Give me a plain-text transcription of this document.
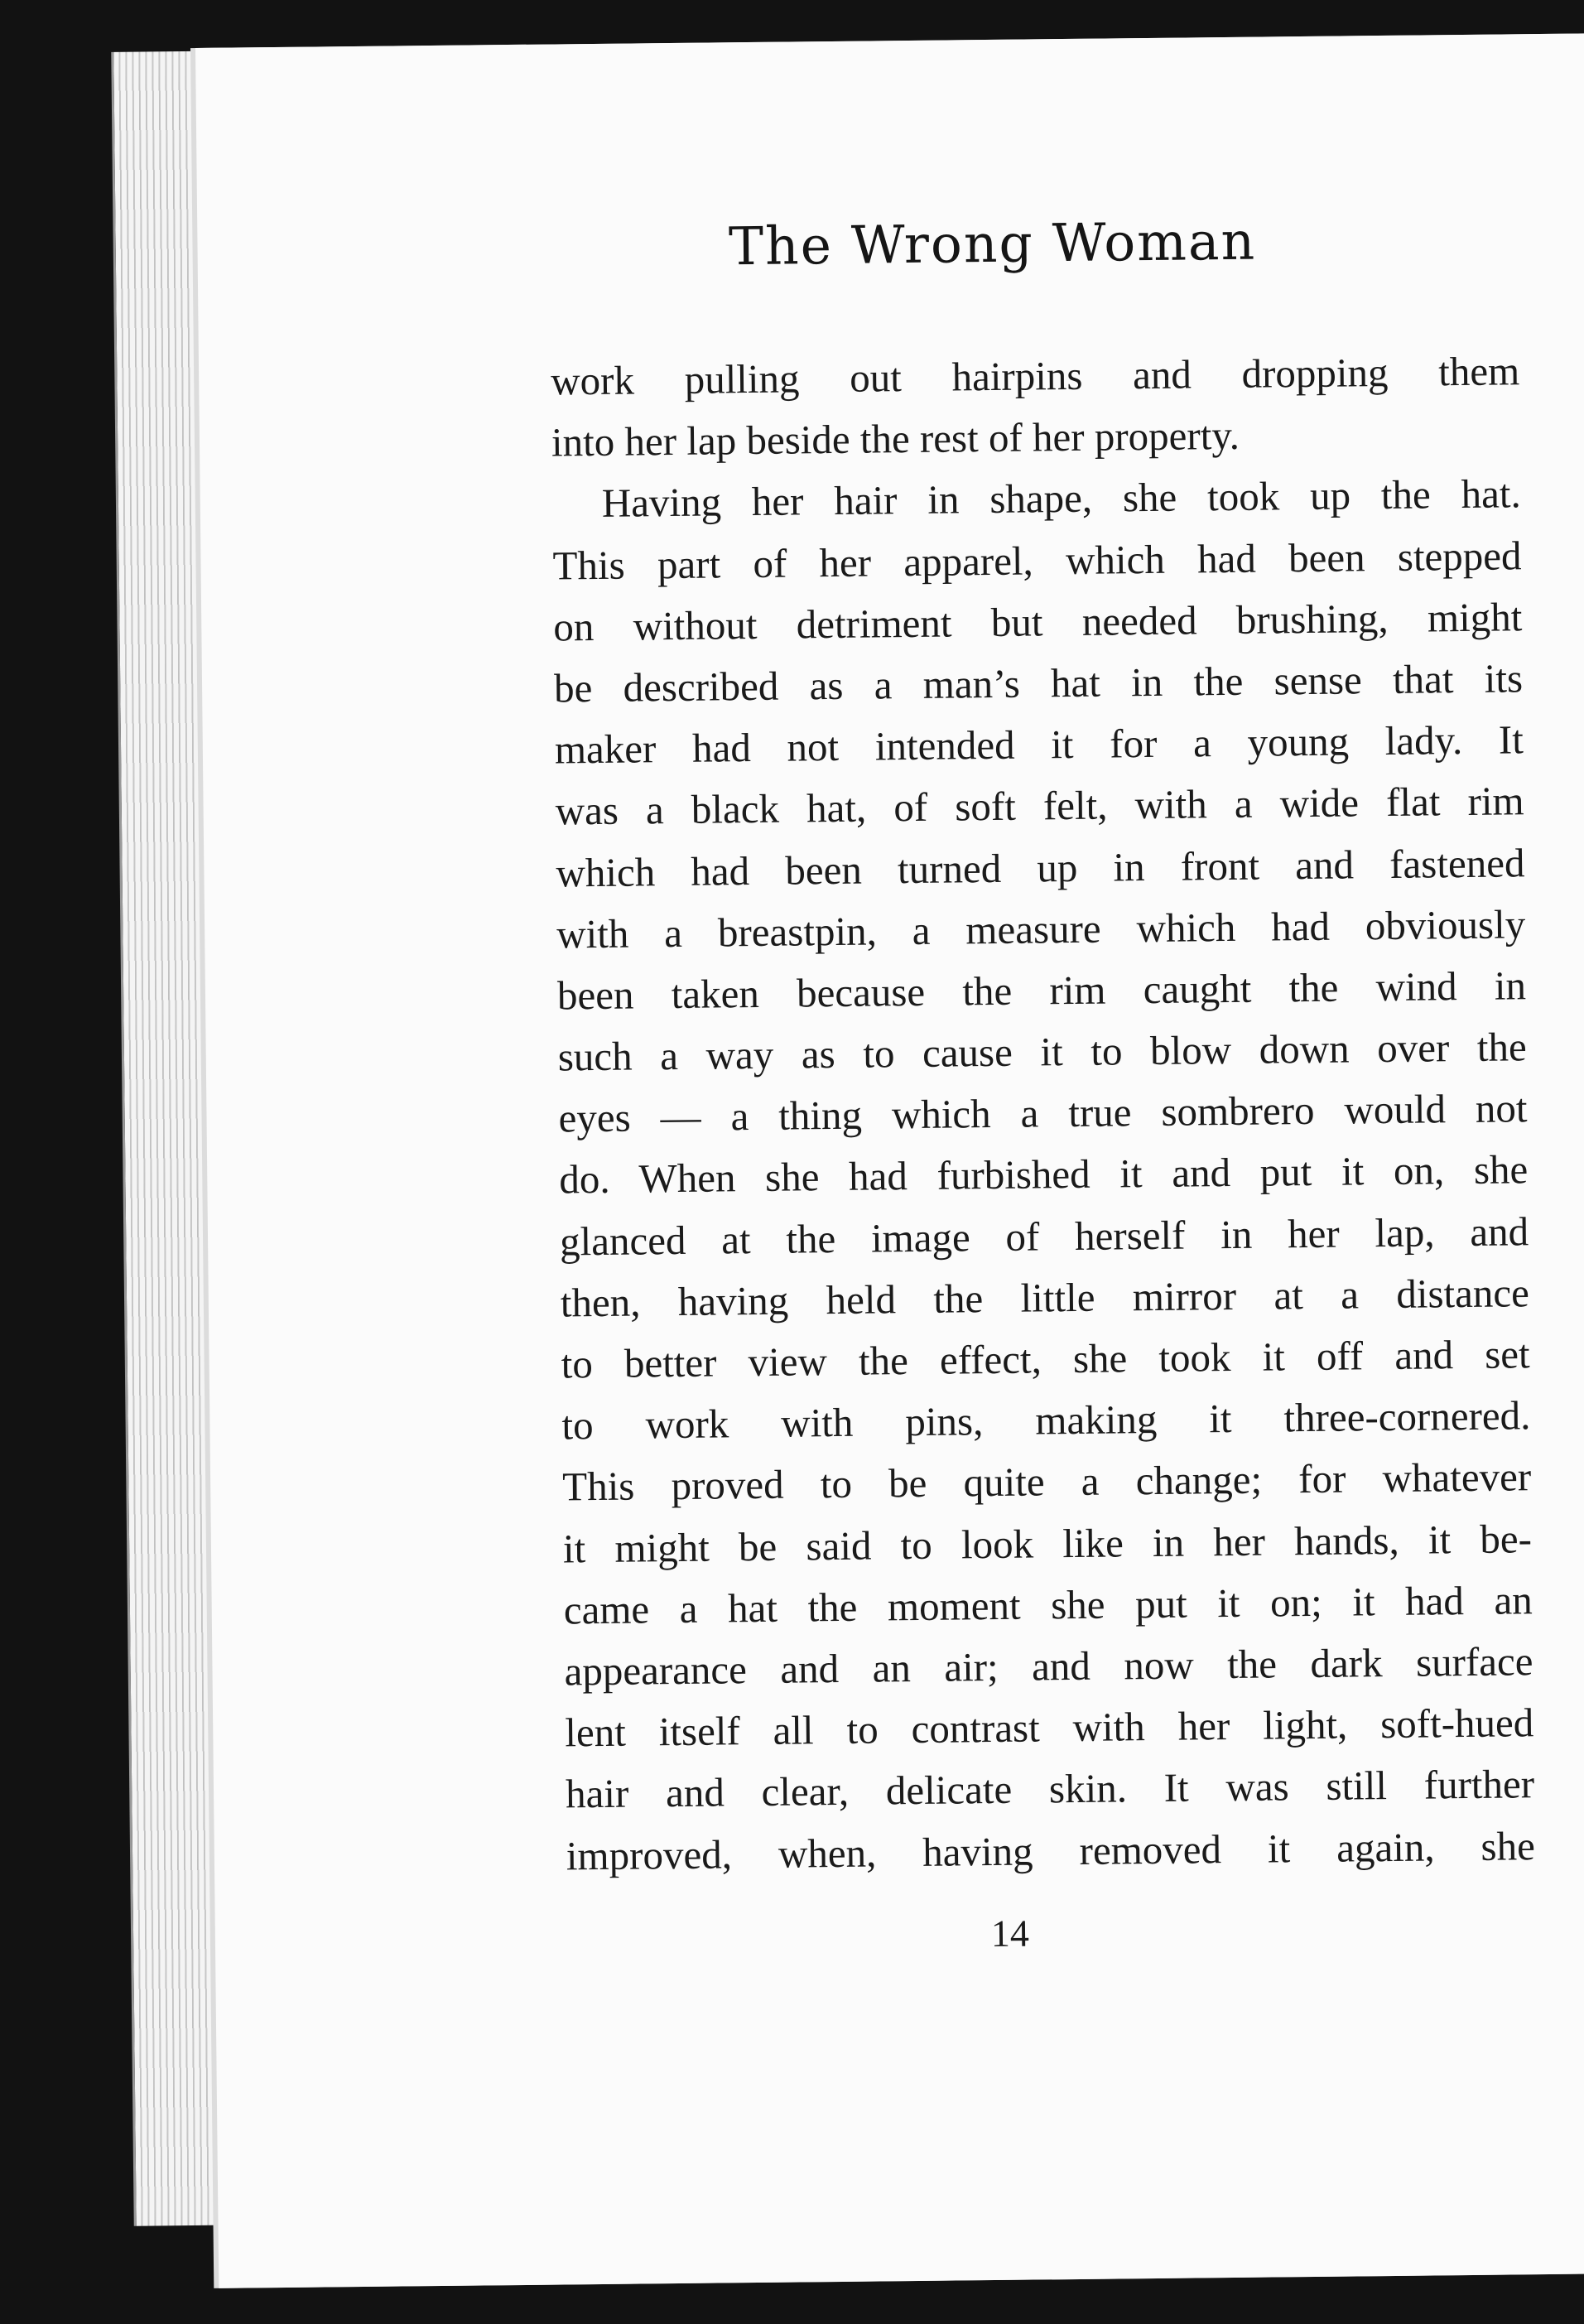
The Wrong Woman
work pulling out hairpins and dropping them
into her lap beside the rest of her property.
Having her hair in shape, she took up the hat.
This part of her apparel, which had been stepped
on without detriment but needed brushing, might
be described as a man’s hat in the sense that its
maker had not intended it for a young lady. It
was a black hat, of soft felt, with a wide flat rim
which had been turned up in front and fastened
with a breastpin, a measure which had obviously
been taken because the rim caught the wind in
such a way as to cause it to blow down over the
eyes — a thing which a true sombrero would not
do. When she had furbished it and put it on, she
glanced at the image of herself in her lap, and
then, having held the little mirror at a distance
to better view the effect, she took it off and set
to work with pins, making it three-cornered.
This proved to be quite a change; for whatever
it might be said to look like in her hands, it be-
came a hat the moment she put it on; it had an
appearance and an air; and now the dark surface
lent itself all to contrast with her light, soft-hued
hair and clear, delicate skin. It was still further
improved, when, having removed it again, she
14
